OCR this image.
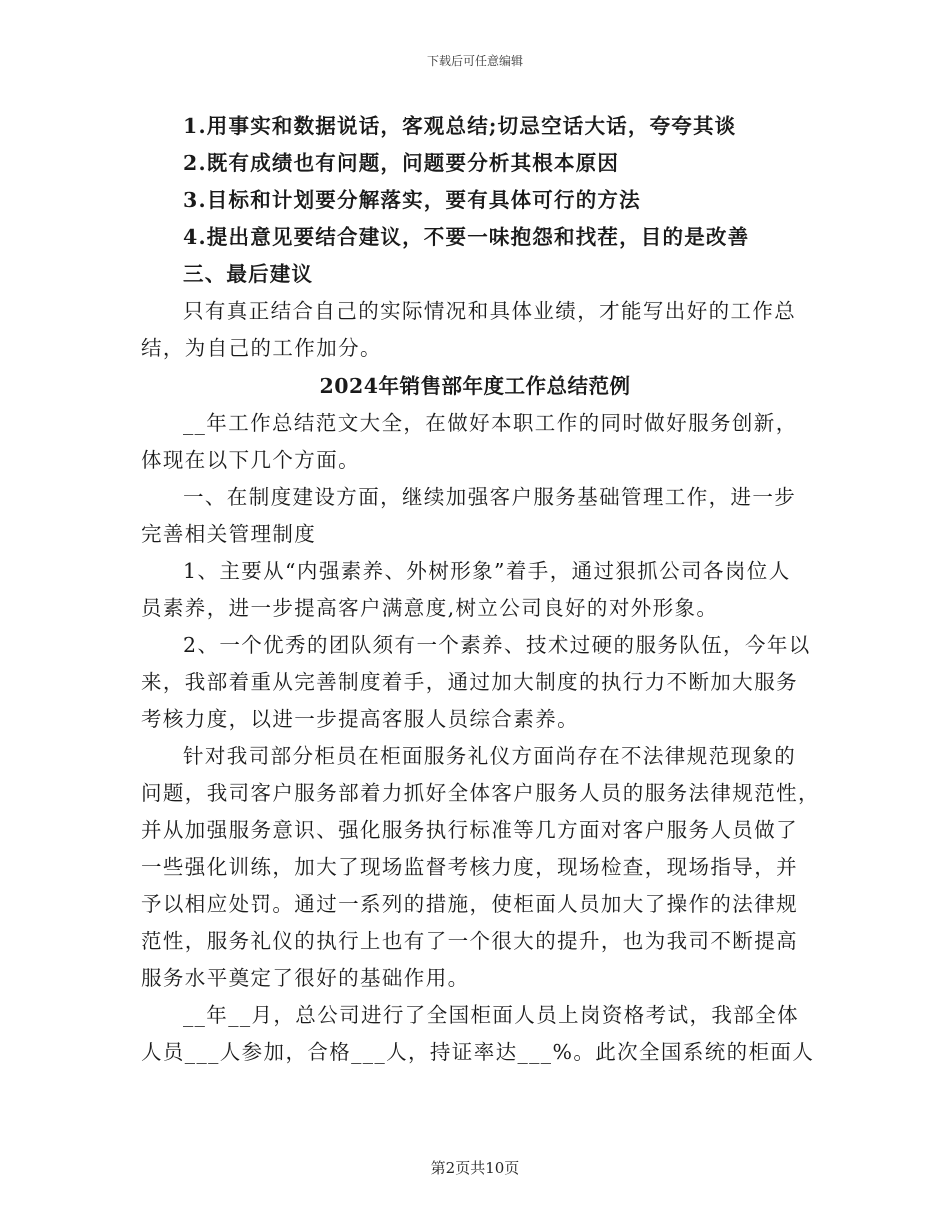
下载后可任意编辑
1.用事实和数据说话，客观总结;切忌空话大话，夸夸其谈
2.既有成绩也有问题，问题要分析其根本原因
3.目标和计划要分解落实，要有具体可行的方法
4.提出意见要结合建议，不要一味抱怨和找茬，目的是改善
三、最后建议
只有真正结合自己的实际情况和具体业绩，才能写出好的工作总
结，为自己的工作加分。
2024年销售部年度工作总结范例
__年工作总结范文大全，在做好本职工作的同时做好服务创新，
体现在以下几个方面。
一、在制度建设方面，继续加强客户服务基础管理工作，进一步
完善相关管理制度
1、主要从“内强素养、外树形象”着手，通过狠抓公司各岗位人
员素养，进一步提高客户满意度,树立公司良好的对外形象。
2、一个优秀的团队须有一个素养、技术过硬的服务队伍，今年以
来，我部着重从完善制度着手，通过加大制度的执行力不断加大服务
考核力度，以进一步提高客服人员综合素养。
针对我司部分柜员在柜面服务礼仪方面尚存在不法律规范现象的
问题，我司客户服务部着力抓好全体客户服务人员的服务法律规范性，
并从加强服务意识、强化服务执行标准等几方面对客户服务人员做了
一些强化训练，加大了现场监督考核力度，现场检查，现场指导，并
予以相应处罚。通过一系列的措施，使柜面人员加大了操作的法律规
范性，服务礼仪的执行上也有了一个很大的提升，也为我司不断提高
服务水平奠定了很好的基础作用。
__年__月，总公司进行了全国柜面人员上岗资格考试，我部全体
人员___人参加，合格___人，持证率达___%。此次全国系统的柜面人
第2页共10页
